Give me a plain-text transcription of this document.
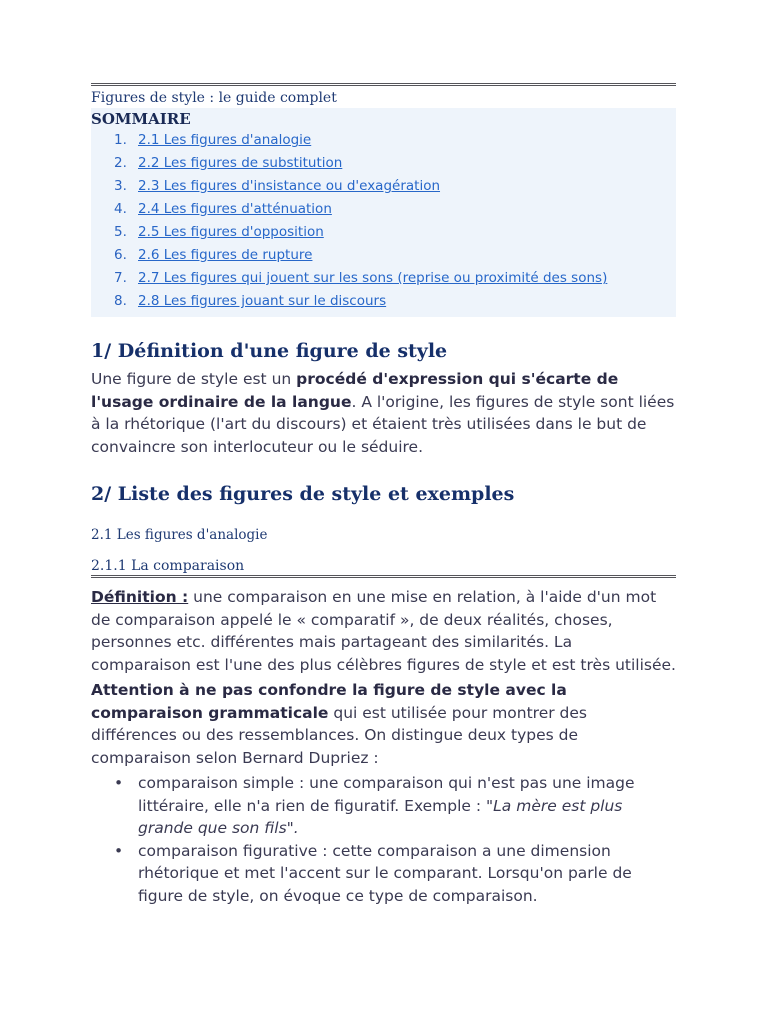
Figures de style : le guide complet
SOMMAIRE
1. 2.1 Les figures d'analogie
2. 2.2 Les figures de substitution
3. 2.3 Les figures d'insistance ou d'exagération
4. 2.4 Les figures d'atténuation
5. 2.5 Les figures d'opposition
6. 2.6 Les figures de rupture
7. 2.7 Les figures qui jouent sur les sons (reprise ou proximité des sons)
8. 2.8 Les figures jouant sur le discours
1/ Définition d'une figure de style

Une figure de style est un procédé d'expression qui s'écarte de l'usage ordinaire de la langue. A l'origine, les figures de style sont liées à la rhétorique (l'art du discours) et étaient très utilisées dans le but de convaincre son interlocuteur ou le séduire.

2/ Liste des figures de style et exemples
2.1 Les figures d'analogie
2.1.1 La comparaison

Définition : une comparaison en une mise en relation, à l'aide d'un mot de comparaison appelé le « comparatif », de deux réalités, choses, personnes etc. différentes mais partageant des similarités. La comparaison est l'une des plus célèbres figures de style et est très utilisée.

Attention à ne pas confondre la figure de style avec la comparaison grammaticale qui est utilisée pour montrer des différences ou des ressemblances. On distingue deux types de comparaison selon Bernard Dupriez :

• comparaison simple : une comparaison qui n'est pas une image littéraire, elle n'a rien de figuratif. Exemple : "La mère est plus grande que son fils".
• comparaison figurative : cette comparaison a une dimension rhétorique et met l'accent sur le comparant. Lorsqu'on parle de figure de style, on évoque ce type de comparaison.
